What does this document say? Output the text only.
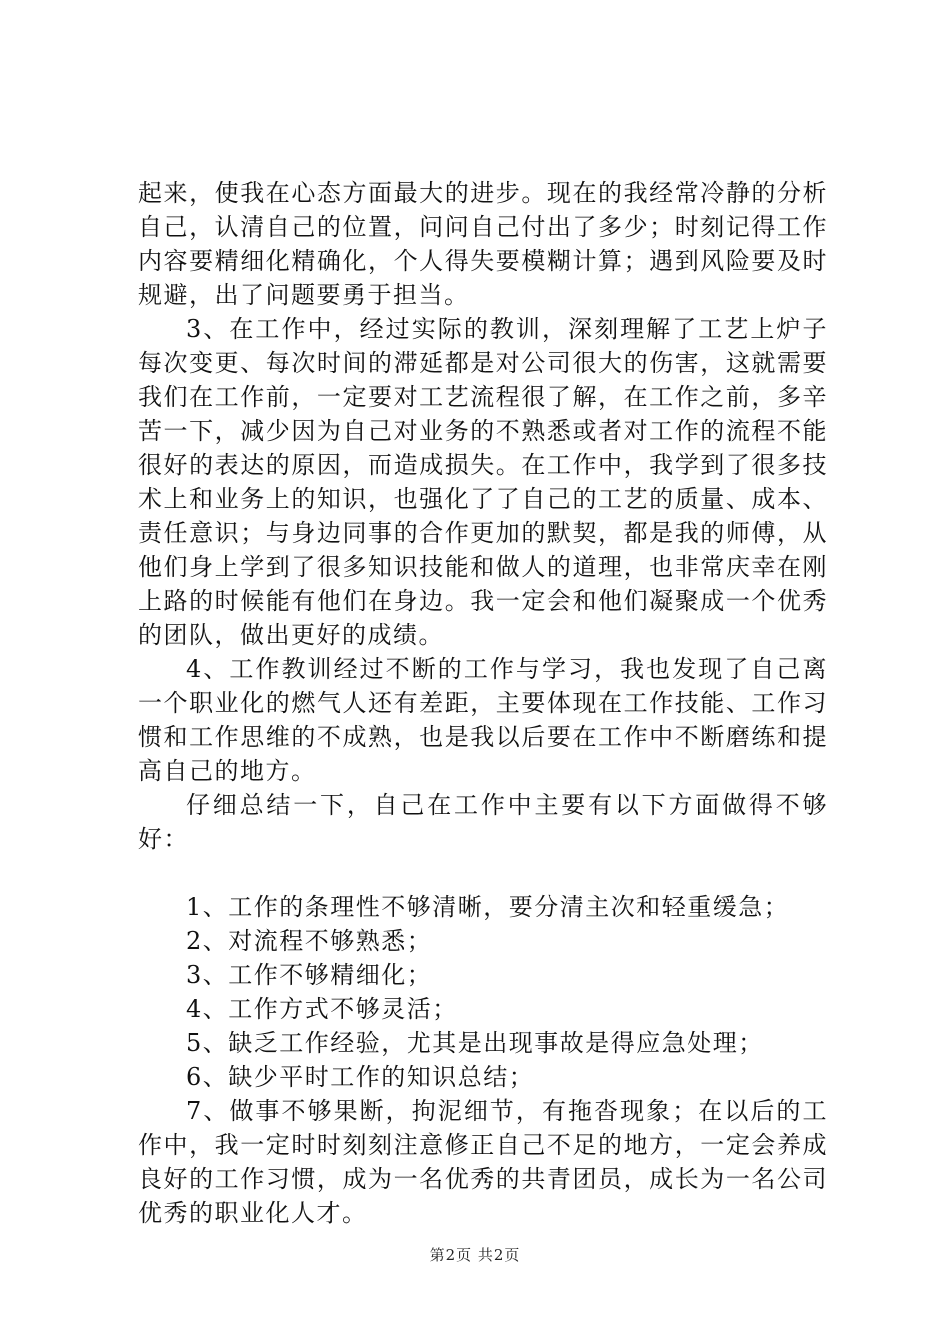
起来，使我在心态方面最大的进步。现在的我经常冷静的分析自己，认清自己的位置，问问自己付出了多少；时刻记得工作内容要精细化精确化，个人得失要模糊计算；遇到风险要及时规避，出了问题要勇于担当。

3、在工作中，经过实际的教训，深刻理解了工艺上炉子每次变更、每次时间的滞延都是对公司很大的伤害，这就需要我们在工作前，一定要对工艺流程很了解，在工作之前，多辛苦一下，减少因为自己对业务的不熟悉或者对工作的流程不能很好的表达的原因，而造成损失。在工作中，我学到了很多技术上和业务上的知识，也强化了了自己的工艺的质量、成本、责任意识；与身边同事的合作更加的默契，都是我的师傅，从他们身上学到了很多知识技能和做人的道理，也非常庆幸在刚上路的时候能有他们在身边。我一定会和他们凝聚成一个优秀的团队，做出更好的成绩。

4、工作教训经过不断的工作与学习，我也发现了自己离一个职业化的燃气人还有差距，主要体现在工作技能、工作习惯和工作思维的不成熟，也是我以后要在工作中不断磨练和提高自己的地方。

仔细总结一下，自己在工作中主要有以下方面做得不够好：

1、工作的条理性不够清晰，要分清主次和轻重缓急；

2、对流程不够熟悉；

3、工作不够精细化；

4、工作方式不够灵活；

5、缺乏工作经验，尤其是出现事故是得应急处理；

6、缺少平时工作的知识总结；

7、做事不够果断，拘泥细节，有拖沓现象；在以后的工作中，我一定时时刻刻注意修正自己不足的地方，一定会养成良好的工作习惯，成为一名优秀的共青团员，成长为一名公司优秀的职业化人才。

第2页 共2页
